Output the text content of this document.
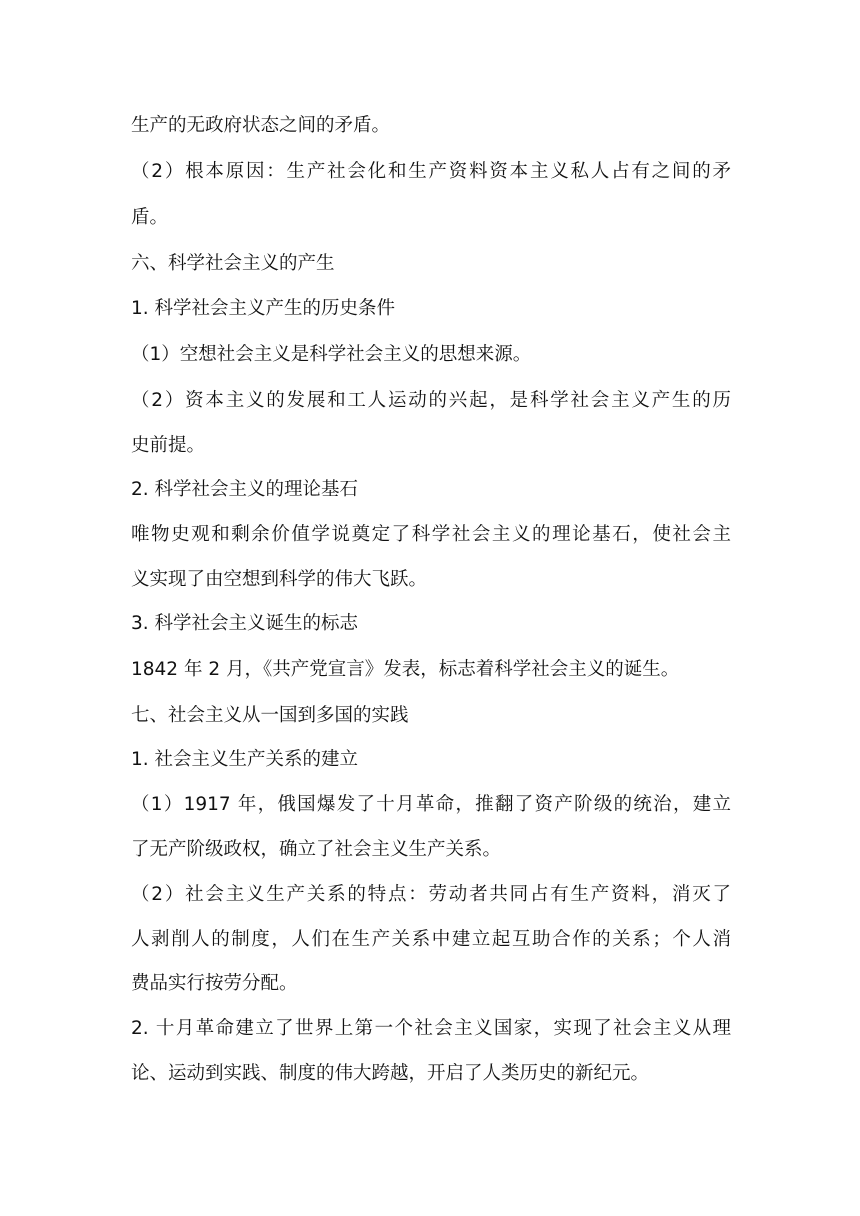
生产的无政府状态之间的矛盾。
（2）根本原因：生产社会化和生产资料资本主义私人占有之间的矛
盾。
六、科学社会主义的产生
1. 科学社会主义产生的历史条件
（1）空想社会主义是科学社会主义的思想来源。
（2）资本主义的发展和工人运动的兴起，是科学社会主义产生的历
史前提。
2. 科学社会主义的理论基石
唯物史观和剩余价值学说奠定了科学社会主义的理论基石，使社会主
义实现了由空想到科学的伟大飞跃。
3. 科学社会主义诞生的标志
1842 年 2 月，《共产党宣言》发表，标志着科学社会主义的诞生。
七、社会主义从一国到多国的实践
1. 社会主义生产关系的建立
（1）1917 年，俄国爆发了十月革命，推翻了资产阶级的统治，建立
了无产阶级政权，确立了社会主义生产关系。
（2）社会主义生产关系的特点：劳动者共同占有生产资料，消灭了
人剥削人的制度，人们在生产关系中建立起互助合作的关系；个人消
费品实行按劳分配。
2. 十月革命建立了世界上第一个社会主义国家，实现了社会主义从理
论、运动到实践、制度的伟大跨越，开启了人类历史的新纪元。
